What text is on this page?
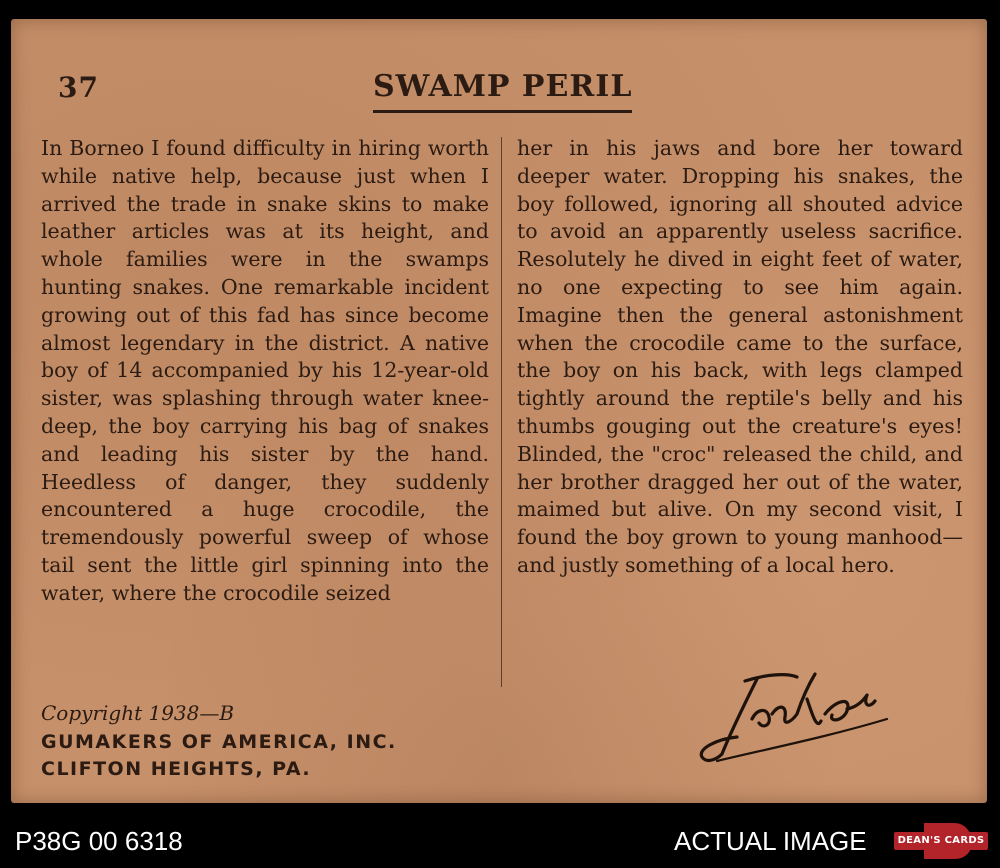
37	SWAMP PERIL
In Borneo I found difficulty in hiring worth while native help, because just when I arrived the trade in snake skins to make leather articles was at its height, and whole families were in the swamps hunting snakes. One remarkable incident growing out of this fad has since become almost legendary in the district. A native boy of 14 accompanied by his 12-year-old sister, was splashing through water knee-deep, the boy carrying his bag of snakes and leading his sister by the hand. Heedless of danger, they suddenly encountered a huge crocodile, the tremendously powerful sweep of whose tail sent the little girl spinning into the water, where the crocodile seized
her in his jaws and bore her toward deeper water. Dropping his snakes, the boy followed, ignoring all shouted advice to avoid an apparently useless sacrifice. Resolutely he dived in eight feet of water, no one expecting to see him again. Imagine then the general astonishment when the crocodile came to the surface, the boy on his back, with legs clamped tightly around the reptile's belly and his thumbs gouging out the creature's eyes! Blinded, the "croc" released the child, and her brother dragged her out of the water, maimed but alive. On my second visit, I found the boy grown to young manhood—and justly something of a local hero.
Copyright 1938—B
GUMAKERS OF AMERICA, INC.
CLIFTON HEIGHTS, PA.
P38G 00 6318	ACTUAL IMAGE	DEAN'S CARDS
